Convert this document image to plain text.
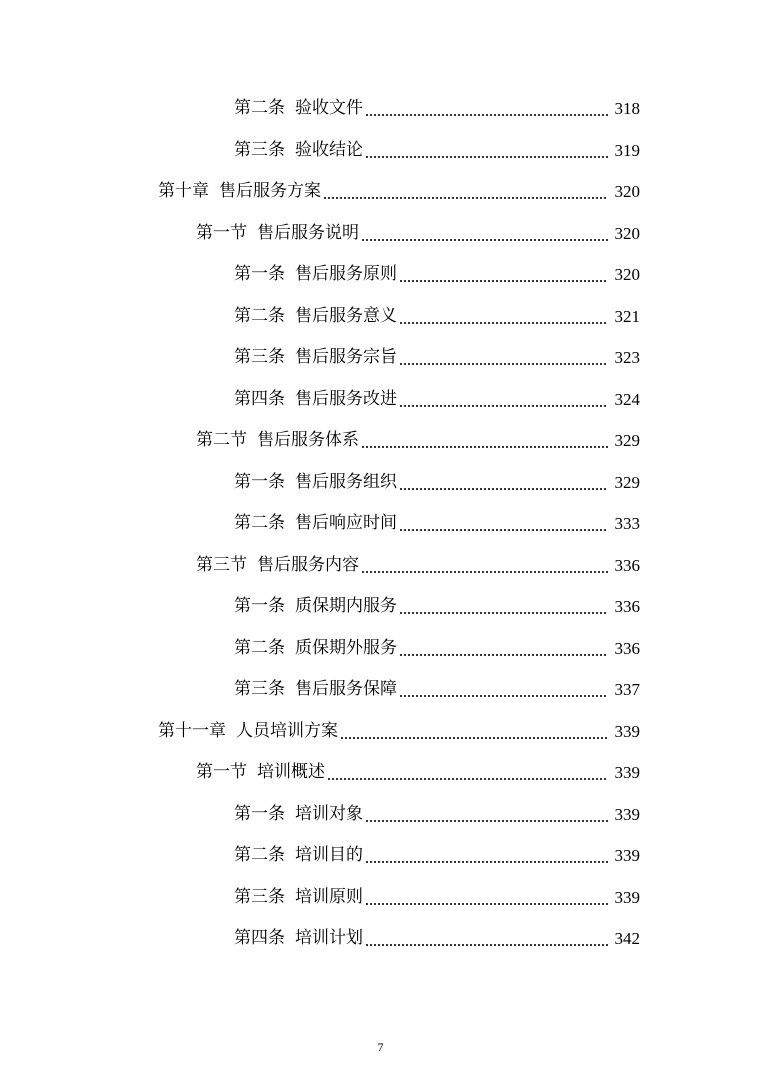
第二条 验收文件	318
第三条 验收结论	319
第十章 售后服务方案	320
第一节 售后服务说明	320
第一条 售后服务原则	320
第二条 售后服务意义	321
第三条 售后服务宗旨	323
第四条 售后服务改进	324
第二节 售后服务体系	329
第一条 售后服务组织	329
第二条 售后响应时间	333
第三节 售后服务内容	336
第一条 质保期内服务	336
第二条 质保期外服务	336
第三条 售后服务保障	337
第十一章 人员培训方案	339
第一节 培训概述	339
第一条 培训对象	339
第二条 培训目的	339
第三条 培训原则	339
第四条 培训计划	342
7
